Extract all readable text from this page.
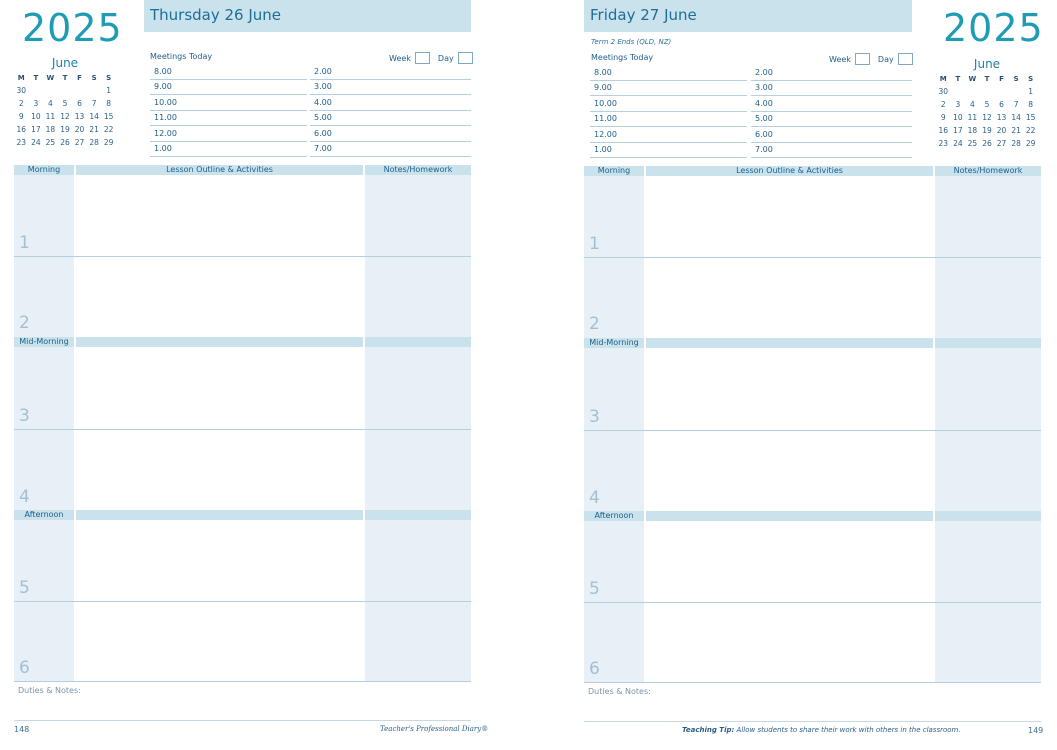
2025
June
M	T	W	T	F	S	S
30						1
2	3	4	5	6	7	8
9	10	11	12	13	14	15
16	17	18	19	20	21	22
23	24	25	26	27	28	29
Thursday 26 June
Meetings Today	Week	Day
8.00
9.00
10.00
11.00
12.00
1.00
2.00
3.00
4.00
5.00
6.00
7.00
Morning	Lesson Outline & Activities	Notes/Homework
Mid-Morning
Afternoon
1
2
3
4
5
6
Duties & Notes:
148	Teacher's Professional Diary®
Friday 27 June
Term 2 Ends (QLD, NZ)
Meetings Today	Week	Day
2025
June
M	T	W	T	F	S	S
30						1
2	3	4	5	6	7	8
9	10	11	12	13	14	15
16	17	18	19	20	21	22
23	24	25	26	27	28	29
8.00
9.00
10.00
11.00
12.00
1.00
2.00
3.00
4.00
5.00
6.00
7.00
Morning	Lesson Outline & Activities	Notes/Homework
Mid-Morning
Afternoon
1
2
3
4
5
6
Duties & Notes:
Teaching Tip: Allow students to share their work with others in the classroom.	149
